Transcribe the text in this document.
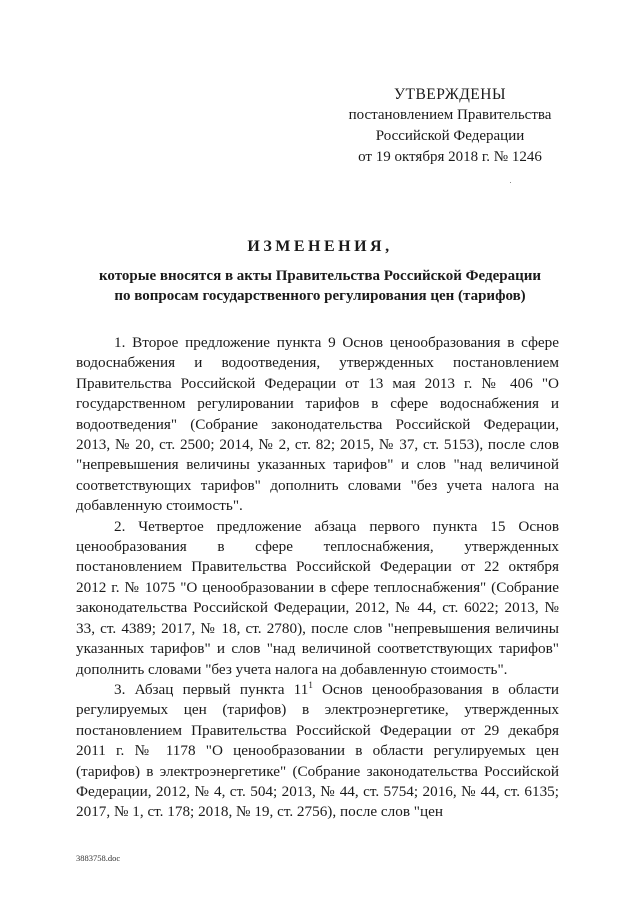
УТВЕРЖДЕНЫ
постановлением Правительства
Российской Федерации
от 19 октября 2018 г. № 1246
ИЗМЕНЕНИЯ,
которые вносятся в акты Правительства Российской Федерации
по вопросам государственного регулирования цен (тарифов)

1. Второе предложение пункта 9 Основ ценообразования в сфере водоснабжения и водоотведения, утвержденных постановлением Правительства Российской Федерации от 13 мая 2013 г. № 406 "О государственном регулировании тарифов в сфере водоснабжения и водоотведения" (Собрание законодательства Российской Федерации, 2013, № 20, ст. 2500; 2014, № 2, ст. 82; 2015, № 37, ст. 5153), после слов "непревышения величины указанных тарифов" и слов "над величиной соответствующих тарифов" дополнить словами "без учета налога на добавленную стоимость".

2. Четвертое предложение абзаца первого пункта 15 Основ ценообразования в сфере теплоснабжения, утвержденных постановлением Правительства Российской Федерации от 22 октября 2012 г. № 1075 "О ценообразовании в сфере теплоснабжения" (Собрание законодательства Российской Федерации, 2012, № 44, ст. 6022; 2013, № 33, ст. 4389; 2017, № 18, ст. 2780), после слов "непревышения величины указанных тарифов" и слов "над величиной соответствующих тарифов" дополнить словами "без учета налога на добавленную стоимость".

3. Абзац первый пункта $11^1$ Основ ценообразования в области регулируемых цен (тарифов) в электроэнергетике, утвержденных постановлением Правительства Российской Федерации от 29 декабря 2011 г. № 1178 "О ценообразовании в области регулируемых цен (тарифов) в электроэнергетике" (Собрание законодательства Российской Федерации, 2012, № 4, ст. 504; 2013, № 44, ст. 5754; 2016, № 44, ст. 6135; 2017, № 1, ст. 178; 2018, № 19, ст. 2756), после слов "цен

3883758.doc
